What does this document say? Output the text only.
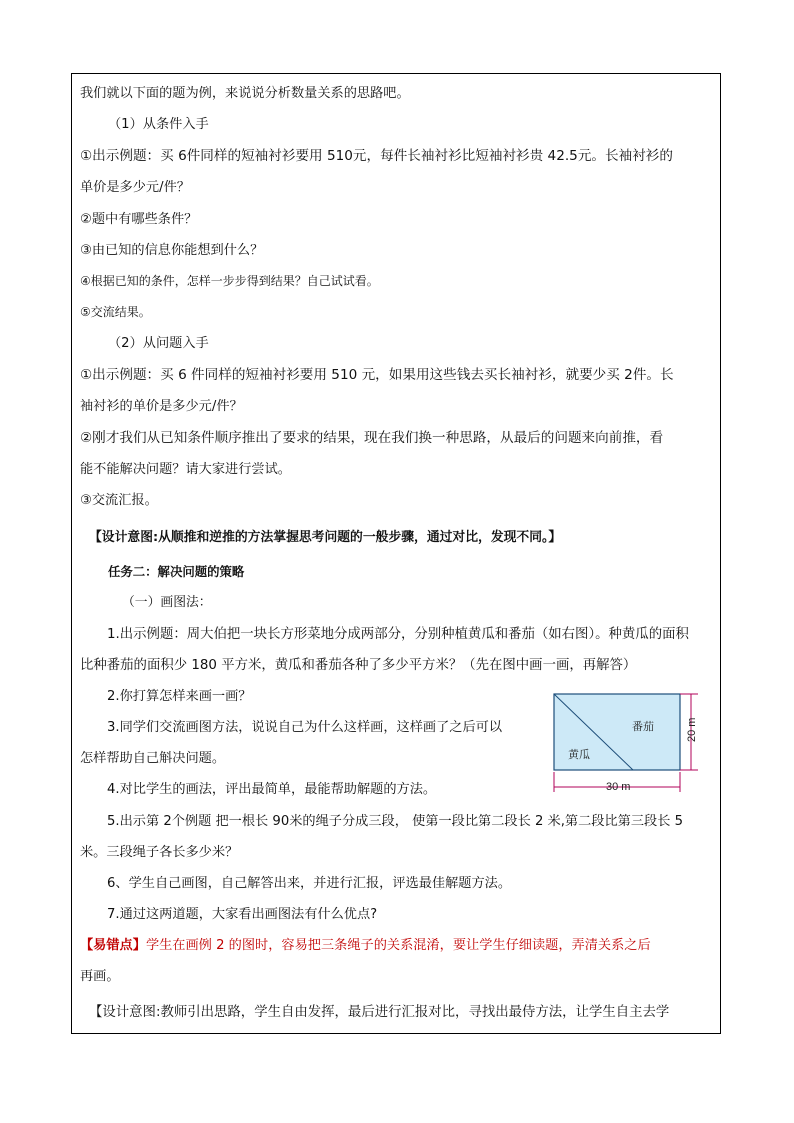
我们就以下面的题为例，来说说分析数量关系的思路吧。
（1）从条件入手
①出示例题：买 6件同样的短袖衬衫要用 510元，每件长袖衬衫比短袖衬衫贵 42.5元。长袖衬衫的
单价是多少元/件？
②题中有哪些条件？
③由已知的信息你能想到什么？
④根据已知的条件，怎样一步步得到结果？自己试试看。
⑤交流结果。
（2）从问题入手
①出示例题：买 6 件同样的短袖衬衫要用 510 元，如果用这些钱去买长袖衬衫，就要少买 2件。长
袖衬衫的单价是多少元/件？
②刚才我们从已知条件顺序推出了要求的结果，现在我们换一种思路，从最后的问题来向前推，看
能不能解决问题？请大家进行尝试。
③交流汇报。
【设计意图:从顺推和逆推的方法掌握思考问题的一般步骤，通过对比，发现不同。】
任务二：解决问题的策略
（一）画图法：
1.出示例题：周大伯把一块长方形菜地分成两部分，分别种植黄瓜和番茄（如右图）。种黄瓜的面积
比种番茄的面积少 180 平方米，黄瓜和番茄各种了多少平方米？（先在图中画一画，再解答）
2.你打算怎样来画一画？
3.同学们交流画图方法，说说自己为什么这样画，这样画了之后可以
怎样帮助自己斛决问题。
4.对比学生的画法，评出最简单，最能帮助解题的方法。
5.出示第 2个例题 把一根长 90米的绳子分成三段， 使第一段比第二段长 2 米,第二段比第三段长 5
米。三段绳子各长多少米？
6、学生自己画图，自己解答出来，并进行汇报，评选最佳解题方法。
7.通过这两道题，大家看出画图法有什么优点?
【易错点】学生在画例 2 的图时，容易把三条绳子的关系混淆，要让学生仔细读题，弄清关系之后
再画。
【设计意图:教师引出思路，学生自由发挥，最后进行汇报对比，寻找出最侍方法，让学生自主去学
番茄
黄瓜
30 m
20 m
